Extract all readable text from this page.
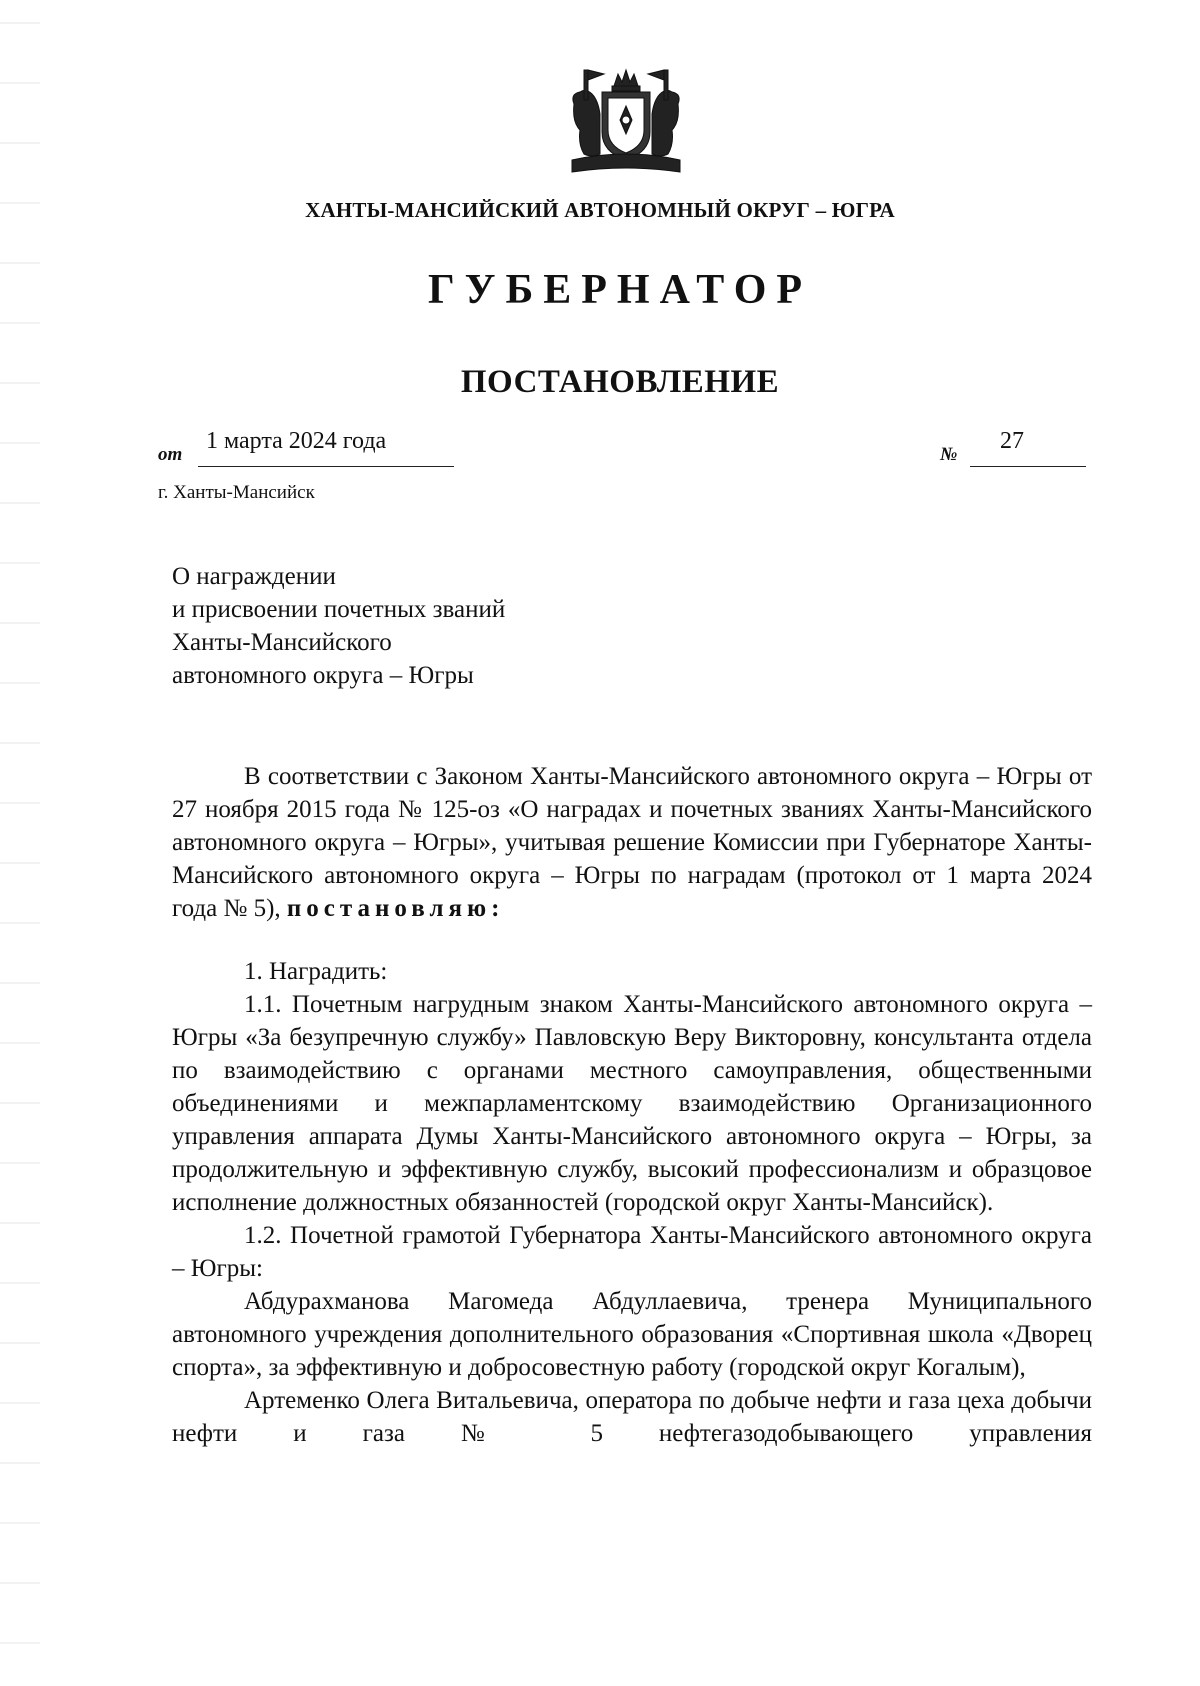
ХАНТЫ-МАНСИЙСКИЙ АВТОНОМНЫЙ ОКРУГ – ЮГРА
ГУБЕРНАТОР
ПОСТАНОВЛЕНИЕ
от
1 марта 2024 года
№
27
г. Ханты-Мансийск
О награждении
и присвоении почетных званий
Ханты-Мансийского
автономного округа – Югры

В соответствии с Законом Ханты-Мансийского автономного округа – Югры от 27 ноября 2015 года № 125-оз «О наградах и почетных званиях Ханты-Мансийского автономного округа – Югры», учитывая решение Комиссии при Губернаторе Ханты-Мансийского автономного округа – Югры по наградам (протокол от 1 марта 2024 года № 5), постановляю:

1. Наградить:

1.1. Почетным нагрудным знаком Ханты-Мансийского автономного округа – Югры «За безупречную службу» Павловскую Веру Викторовну, консультанта отдела по взаимодействию с органами местного самоуправления, общественными объединениями и межпарламентскому взаимодействию Организационного управления аппарата Думы Ханты-Мансийского автономного округа – Югры, за продолжительную и эффективную службу, высокий профессионализм и образцовое исполнение должностных обязанностей (городской округ Ханты-Мансийск).

1.2. Почетной грамотой Губернатора Ханты-Мансийского автономного округа – Югры:

Абдурахманова Магомеда Абдуллаевича, тренера Муниципального автономного учреждения дополнительного образования «Спортивная школа «Дворец спорта», за эффективную и добросовестную работу (городской округ Когалым),

Артеменко Олега Витальевича, оператора по добыче нефти и газа цеха добычи нефти и газа № 5 нефтегазодобывающего управления
